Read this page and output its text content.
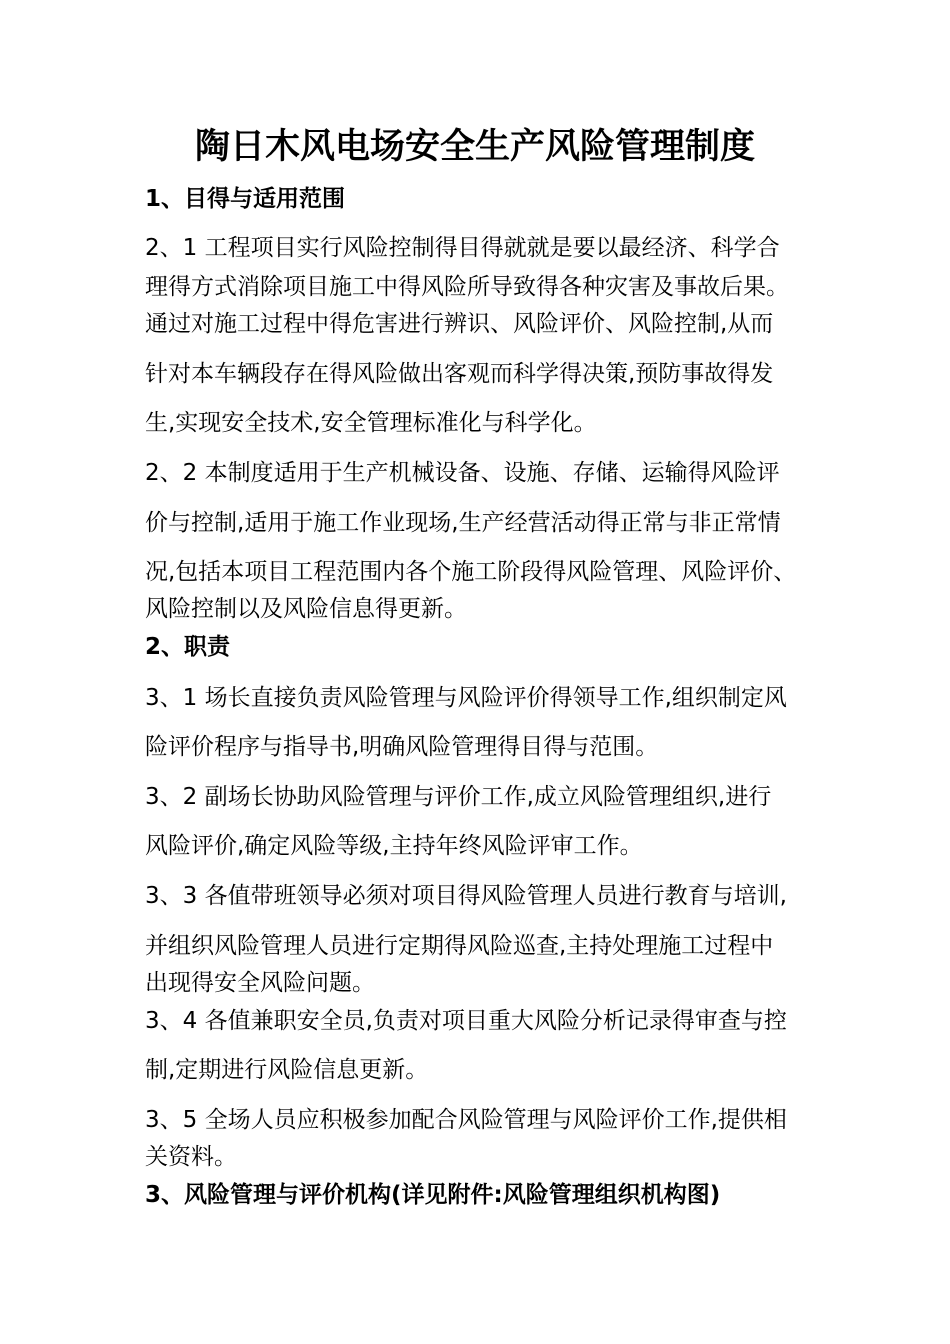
陶日木风电场安全生产风险管理制度
1、目得与适用范围
2、1 工程项目实行风险控制得目得就就是要以最经济、科学合
理得方式消除项目施工中得风险所导致得各种灾害及事故后果。
通过对施工过程中得危害进行辨识、风险评价、风险控制,从而
针对本车辆段存在得风险做出客观而科学得决策,预防事故得发
生,实现安全技术,安全管理标准化与科学化。
2、2 本制度适用于生产机械设备、设施、存储、运输得风险评
价与控制,适用于施工作业现场,生产经营活动得正常与非正常情
况,包括本项目工程范围内各个施工阶段得风险管理、风险评价、
风险控制以及风险信息得更新。
2、职责
3、1 场长直接负责风险管理与风险评价得领导工作,组织制定风
险评价程序与指导书,明确风险管理得目得与范围。
3、2 副场长协助风险管理与评价工作,成立风险管理组织,进行
风险评价,确定风险等级,主持年终风险评审工作。
3、3 各值带班领导必须对项目得风险管理人员进行教育与培训,
并组织风险管理人员进行定期得风险巡查,主持处理施工过程中
出现得安全风险问题。
3、4 各值兼职安全员,负责对项目重大风险分析记录得审查与控
制,定期进行风险信息更新。
3、5 全场人员应积极参加配合风险管理与风险评价工作,提供相
关资料。
3、风险管理与评价机构(详见附件:风险管理组织机构图)
